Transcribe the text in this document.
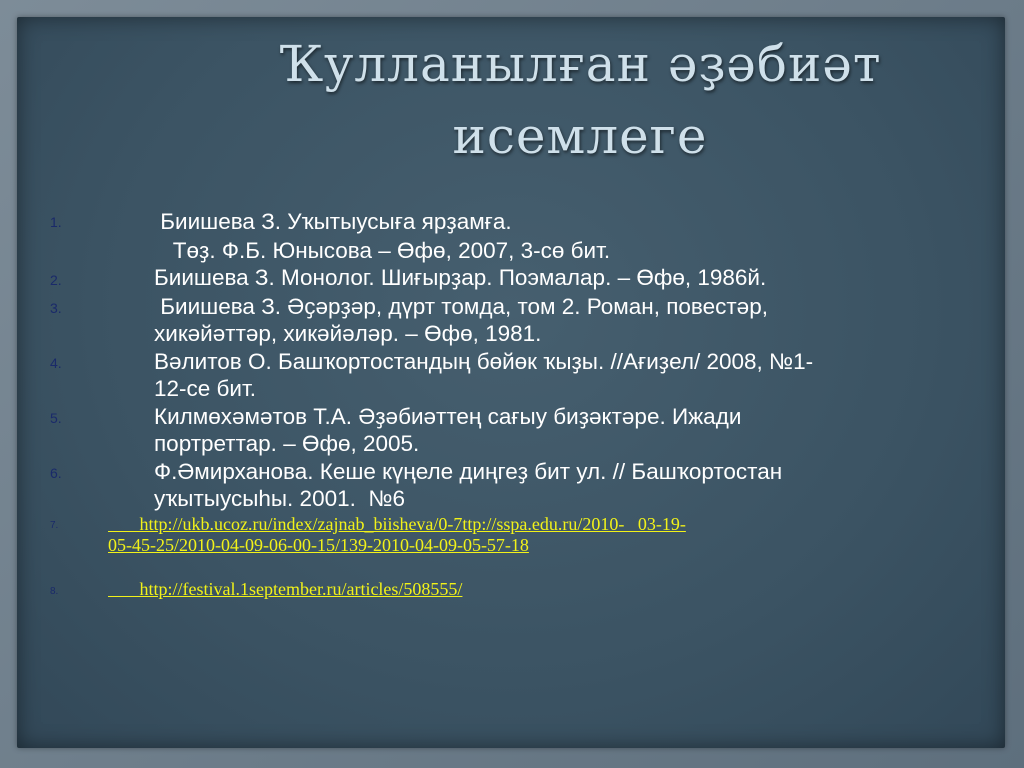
Ҡулланылған әҙәбиәт
исемлеге
1.	Биишева З. Уҡытыусыға ярҙамға.
Төҙ. Ф.Б. Юнысова – Өфө, 2007, 3-сө бит.
2.	Биишева З. Монолог. Шиғырҙар. Поэмалар. – Өфө, 1986й.
3.	Биишева З. Әҫәрҙәр, дүрт томда, том 2. Роман, повестәр,
хикәйәттәр, хикәйәләр. – Өфө, 1981.
4.	Вәлитов О. Башҡортостандың бөйөк ҡыҙы. //Ағиҙел/ 2008, №1-
12-се бит.
5.	Килмөхәмәтов Т.А. Әҙәбиәттең сағыу биҙәктәре. Ижади
портреттар. – Өфө, 2005.
6.	Ф.Әмирханова. Кеше күңеле диңгеҙ бит ул. // Башҡортостан
уҡытыусыһы. 2001.  №6
7.	http://ukb.ucoz.ru/index/zajnab_biisheva/0-7ttp://sspa.edu.ru/2010-   03-19-
05-45-25/2010-04-09-06-00-15/139-2010-04-09-05-57-18
8.	http://festival.1september.ru/articles/508555/
